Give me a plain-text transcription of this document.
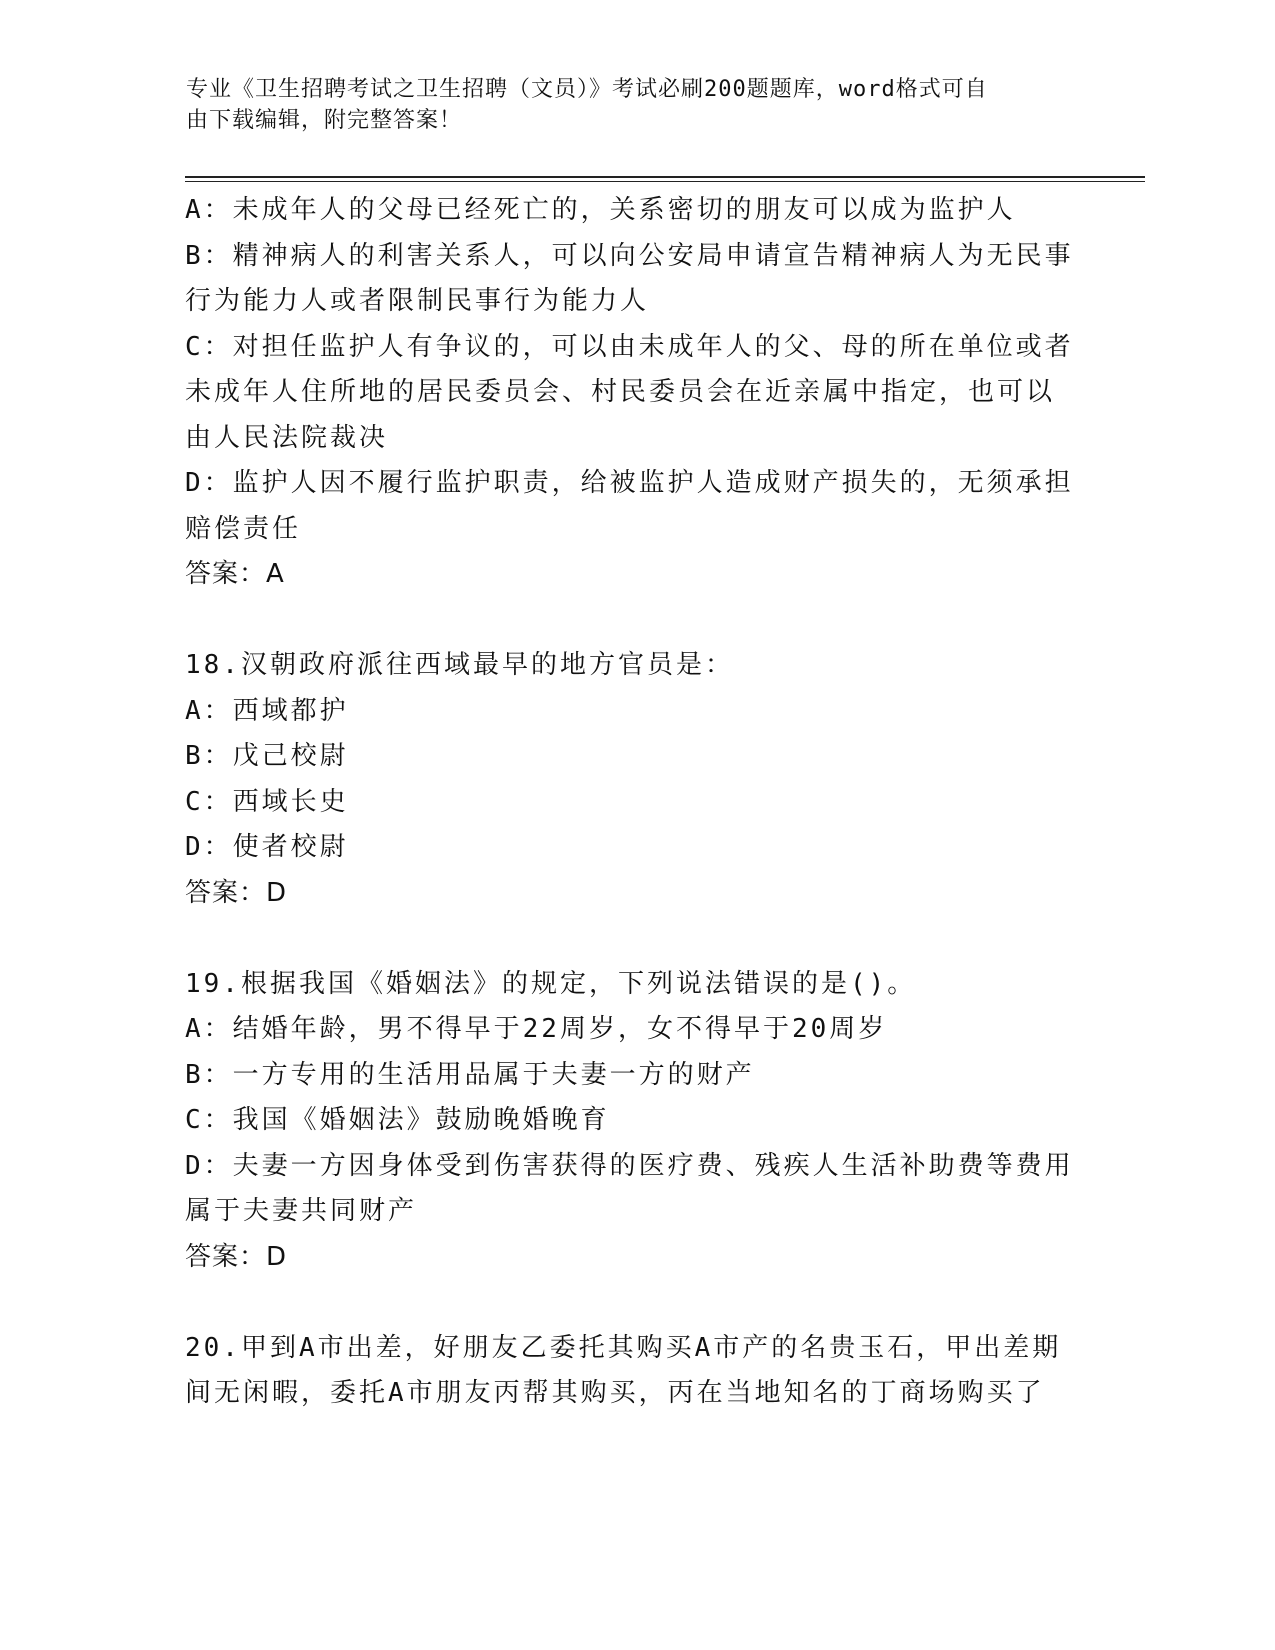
专业《卫生招聘考试之卫生招聘（文员）》考试必刷200题题库，word格式可自

由下载编辑，附完整答案！

A：未成年人的父母已经死亡的，关系密切的朋友可以成为监护人

B：精神病人的利害关系人，可以向公安局申请宣告精神病人为无民事

行为能力人或者限制民事行为能力人

C：对担任监护人有争议的，可以由未成年人的父、母的所在单位或者

未成年人住所地的居民委员会、村民委员会在近亲属中指定，也可以

由人民法院裁决

D：监护人因不履行监护职责，给被监护人造成财产损失的，无须承担

赔偿责任

答案：A

18.汉朝政府派往西域最早的地方官员是：

A：西域都护

B：戊己校尉

C：西域长史

D：使者校尉

答案：D

19.根据我国《婚姻法》的规定，下列说法错误的是()。

A：结婚年龄，男不得早于22周岁，女不得早于20周岁

B：一方专用的生活用品属于夫妻一方的财产

C：我国《婚姻法》鼓励晚婚晚育

D：夫妻一方因身体受到伤害获得的医疗费、残疾人生活补助费等费用

属于夫妻共同财产

答案：D

20.甲到A市出差，好朋友乙委托其购买A市产的名贵玉石，甲出差期

间无闲暇，委托A市朋友丙帮其购买，丙在当地知名的丁商场购买了
